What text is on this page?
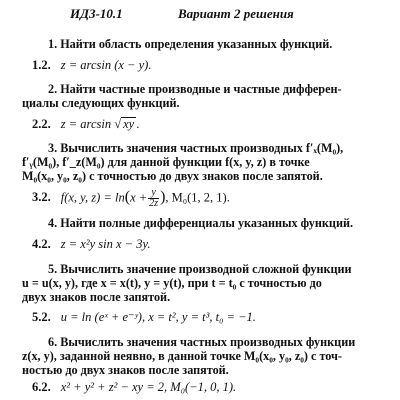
ИДЗ-10.1	Вариант 2 решения
1. Найти область определения указанных функций.
1.2. z = arcsin (x − y).
2. Найти частные производные и частные дифферен-
циалы следующих функций.
2.2. z = arcsin √ xy .
3. Вычислить значения частных производных f′ₓ(M₀),
f′ᵧ(M₀), f′_z(M₀) для данной функции f(x, y, z) в точке
M₀(x₀, y₀, z₀) с точностью до двух знаков после запятой.
3.2. f(x, y, $z) = \ln(x + \frac{y}{2z}$ ), M₀(1, 2, 1).
4. Найти полные дифференциалы указанных функций.
4.2. z = x²y sin x − 3y.
5. Вычислить значение производной сложной функции
u = u(x, y), где x = x(t), y = y(t), при t = t₀ с точностью до
двух знаков после запятой.
5.2. u = ln (eˣ + e⁻ʸ), x = t², y = t³, t₀ = −1.
6. Вычислить значения частных производных функции
z(x, y), заданной неявно, в данной точке M₀(x₀, y₀, z₀) с точ-
ностью до двух знаков после запятой.
6.2. x² + y² + z² − xy = 2, M₀(−1, 0, 1).
